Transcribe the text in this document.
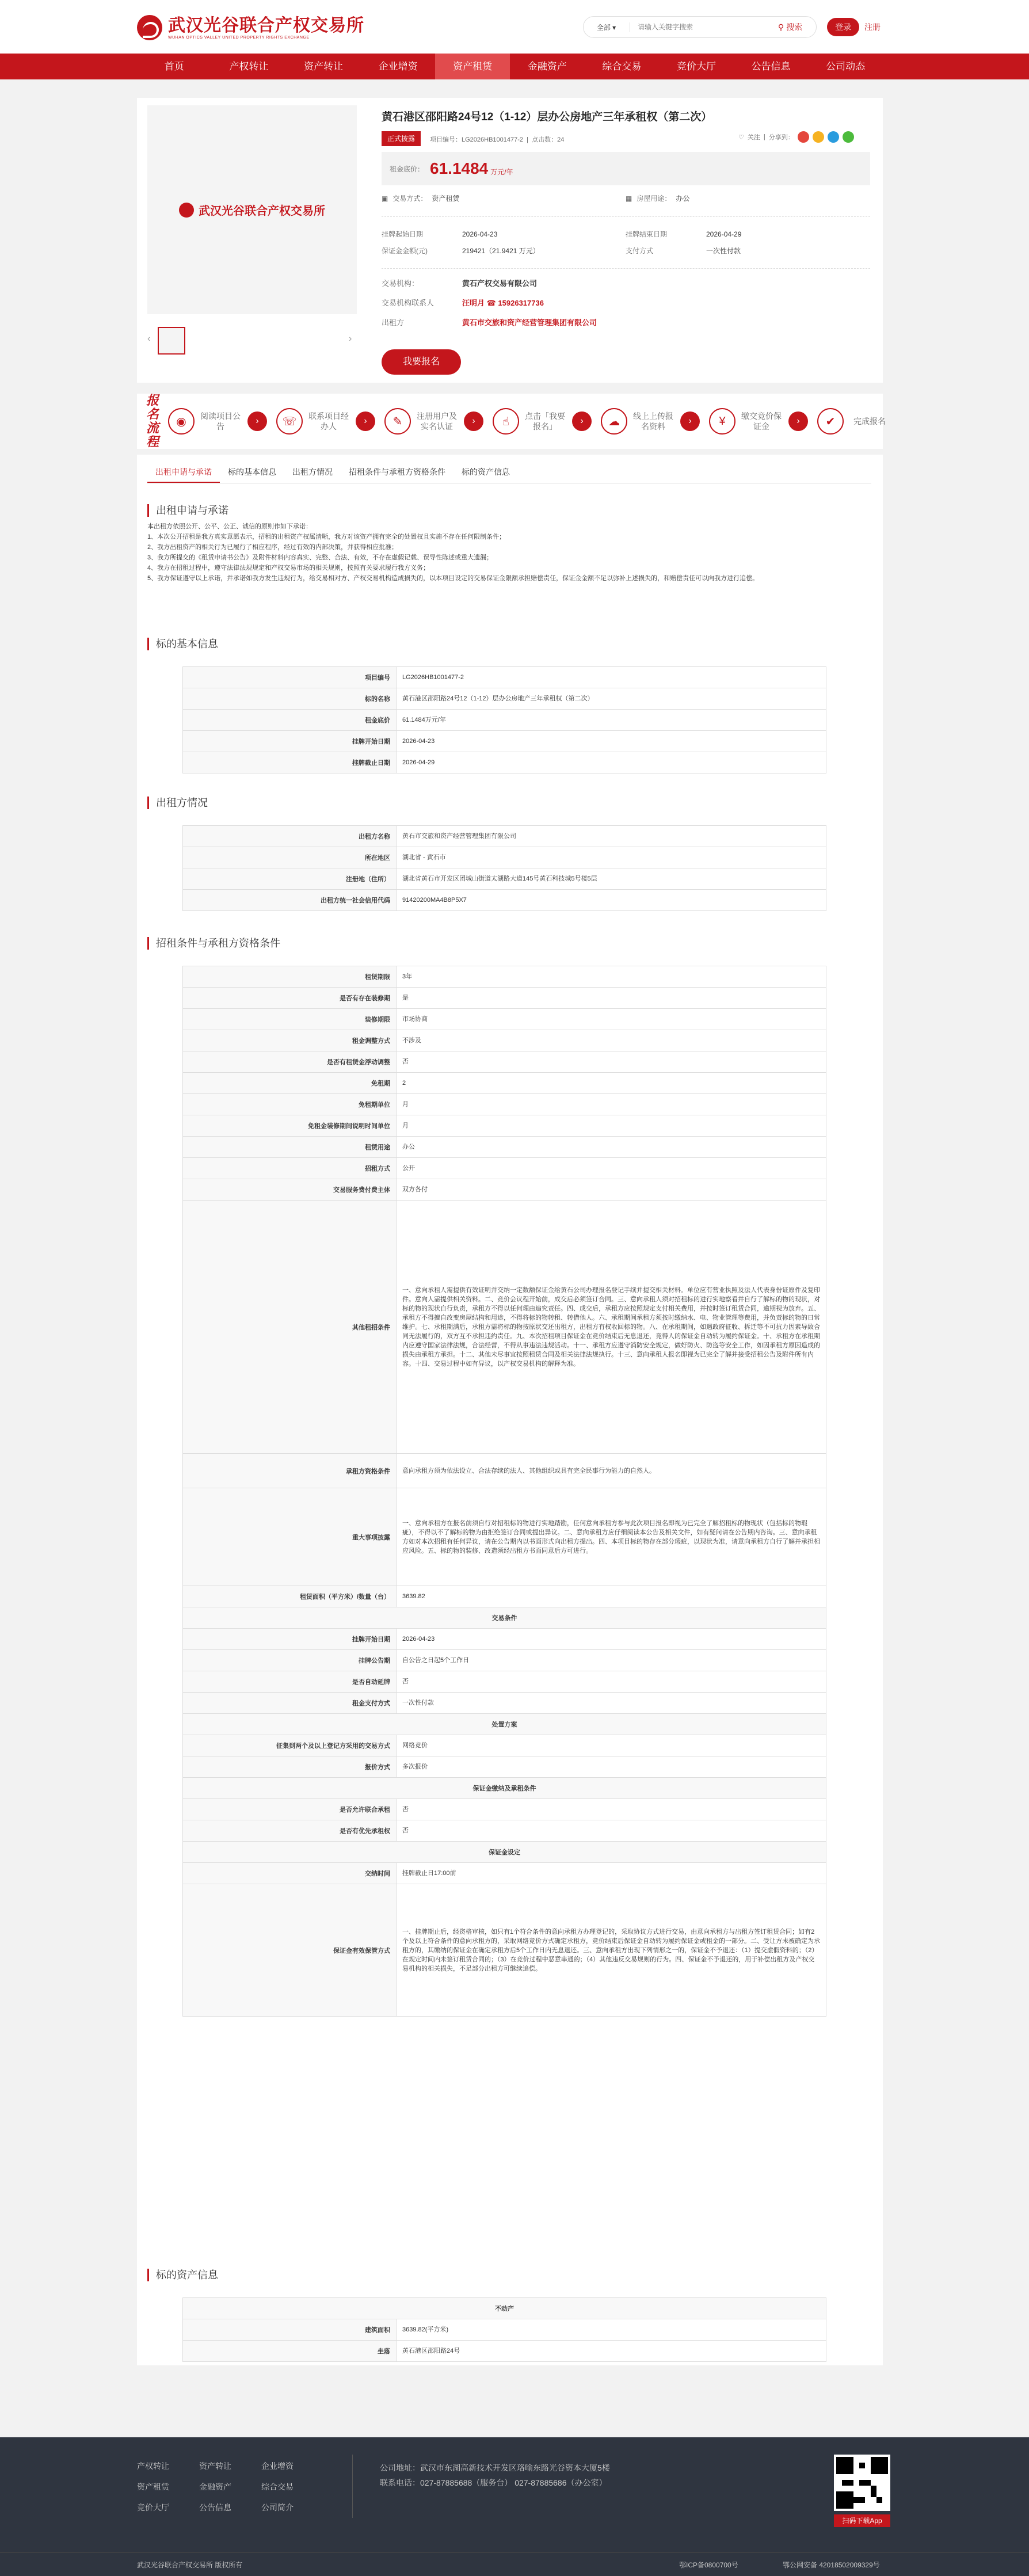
武汉光谷联合产权交易所
WUHAN OPTICS VALLEY UNITED PROPERTY RIGHTS EXCHANGE
全部 ▾
请输入关键字搜索	⚲ 搜索	登录	注册
首页	产权转让	资产转让	企业增资	资产租赁	金融资产	综合交易	竞价大厅	公告信息	公司动态
武汉光谷联合产权交易所
‹	›
黄石港区邵阳路24号12（1-12）层办公房地产三年承租权（第二次）
正式披露	项目编号：LG2026HB1001477-2  |  点击数：24	♡ 关注 | 分享到：
租金底价： 61.1484 万元/年
▣ 交易方式： 资产租赁	▦ 房屋用途： 办公
挂牌起始日期	2026-04-23	挂牌结束日期	2026-04-29
保证金金额(元)	219421（21.9421 万元）	支付方式	一次性付款
交易机构：	黄石产权交易有限公司
交易机构联系人	汪明月 ☎ 15926317736
出租方	黄石市交旅和资产经营管理集团有限公司
我要报名
报名流程
◉	阅读项目公告
›	☏	联系项目经办人
›	✎	注册用户及实名认证
›	☝	点击「我要报名」
›	☁	线上上传报名资料
›	¥	缴交竞价保证金
›	✔	完成报名
出租申请与承诺	标的基本信息	出租方情况	招租条件与承租方资格条件	标的资产信息
出租申请与承诺
本出租方依照公开、公平、公正、诚信的原则作如下承诺：
1、本次公开招租是我方真实意愿表示，招租的出租资产权属清晰，我方对该资产拥有完全的处置权且实施不存在任何限制条件；
2、我方出租资产的相关行为已履行了相应程序，经过有效的内部决策，并获得相应批准；
3、我方所提交的《租赁申请书公告》及附件材料内容真实、完整、合法、有效，不存在虚假记载、误导性陈述或重大遗漏；
4、我方在招租过程中，遵守法律法规规定和产权交易市场的相关规则，按照有关要求履行我方义务；
5、我方保证遵守以上承诺，并承诺如我方发生违规行为，给交易相对方、产权交易机构造成损失的，以本项目设定的交易保证金限额承担赔偿责任，保证金金额不足以弥补上述损失的，和赔偿责任可以向我方进行追偿。
标的基本信息
项目编号	LG2026HB1001477-2
标的名称	黄石港区邵阳路24号12（1-12）层办公房地产三年承租权（第二次）
租金底价	61.1484万元/年
挂牌开始日期	2026-04-23
挂牌截止日期	2026-04-29
出租方情况
出租方名称	黄石市交旅和资产经营管理集团有限公司
所在地区	湖北省 - 黄石市
注册地（住所）	湖北省黄石市开发区团城山街道太湖路大道145号黄石科技城5号楼5层
出租方统一社会信用代码	91420200MA4B8P5X7
招租条件与承租方资格条件
租赁期限	3年
是否有存在装修期	是
装修期限	市场协商
租金调整方式	不涉及
是否有租赁金浮动调整	否
免租期	2
免租期单位	月
免租金装修期间说明时间单位	月
租赁用途	办公
招租方式	公开
交易服务费付费主体	双方各付
其他租招条件	一、意向承租人需提供有效证明并交纳一定数额保证金给黄石公司办理报名登记手续并提交相关材料。单位应有营业执照及法人代表身份证原件及复印件。意向人需提供相关资料。二、竞价会议程开始前，成交后必须签订合同。三、意向承租人须对招租标的进行实地察看并自行了解标的物的现状，对标的物的现状自行负责，承租方不得以任何理由追究责任。四、成交后，承租方应按照规定支付相关费用，并按时签订租赁合同，逾期视为放弃。五、承租方不得擅自改变房屋结构和用途，不得将标的物转租、转借他人。六、承租期间承租方须按时缴纳水、电、物业管理等费用，并负责标的物的日常维护。七、承租期满后，承租方需将标的物按原状交还出租方，出租方有权收回标的物。八、在承租期间，如遇政府征收、拆迁等不可抗力因素导致合同无法履行的，双方互不承担违约责任。九、本次招租项目保证金在竞价结束后无息退还，竞得人的保证金自动转为履约保证金。十、承租方在承租期内应遵守国家法律法规，合法经营，不得从事违法违规活动。十一、承租方应遵守消防安全规定，做好防火、防盗等安全工作，如因承租方原因造成的损失由承租方承担。十二、其他未尽事宜按照租赁合同及相关法律法规执行。十三、意向承租人报名即视为已完全了解并接受招租公告及附件所有内容。十四、交易过程中如有异议，以产权交易机构的解释为准。
承租方资格条件	意向承租方须为依法设立、合法存续的法人、其他组织或具有完全民事行为能力的自然人。
重大事项披露	一、意向承租方在报名前须自行对招租标的物进行实地踏勘，任何意向承租方参与此次项目报名即视为已完全了解招租标的物现状（包括标的物瑕疵），不得以不了解标的物为由拒绝签订合同或提出异议。二、意向承租方应仔细阅读本公告及相关文件，如有疑问请在公告期内咨询。三、意向承租方如对本次招租有任何异议，请在公告期内以书面形式向出租方提出。四、本项目标的物存在部分瑕疵，以现状为准，请意向承租方自行了解并承担相应风险。五、标的物的装修、改造须经出租方书面同意后方可进行。
租赁面积（平方米）/数量（台）	3639.82
交易条件	
挂牌开始日期	2026-04-23
挂牌公告期	自公告之日起5个工作日
是否自动延牌	否
租金支付方式	一次性付款
处置方案	
征集到两个及以上登记方采用的交易方式	网络竞价
报价方式	多次报价
保证金缴纳及承租条件	
是否允许联合承租	否
是否有优先承租权	否
保证金设定	
交纳时间	挂牌截止日17:00前
保证金有效保管方式	一、挂牌期止后，经资格审核，如只有1个符合条件的意向承租方办理登记的，采取协议方式进行交易，由意向承租方与出租方签订租赁合同；如有2个及以上符合条件的意向承租方的，采取网络竞价方式确定承租方，竞价结束后保证金自动转为履约保证金或租金的一部分。二、受让方未被确定为承租方的，其缴纳的保证金在确定承租方后5个工作日内无息退还。三、意向承租方出现下列情形之一的，保证金不予退还：（1）提交虚假资料的；（2）在规定时间内未签订租赁合同的；（3）在竞价过程中恶意串通的；（4）其他违反交易规则的行为。四、保证金不予退还的，用于补偿出租方及产权交易机构的相关损失，不足部分出租方可继续追偿。
标的资产信息
不动产	
建筑面积	3639.82(平方米)
坐落	黄石港区邵阳路24号
产权转让	资产转让	企业增资
资产租赁	金融资产	综合交易
竞价大厅	公告信息	公司简介
公司地址：武汉市东湖高新技术开发区珞喻东路光谷资本大厦5楼
联系电话：027-87885688（服务台） 027-87885686（办公室）
扫码下载App
武汉光谷联合产权交易所 版权所有	鄂ICP备0800700号	鄂公网安备 42018502009329号
